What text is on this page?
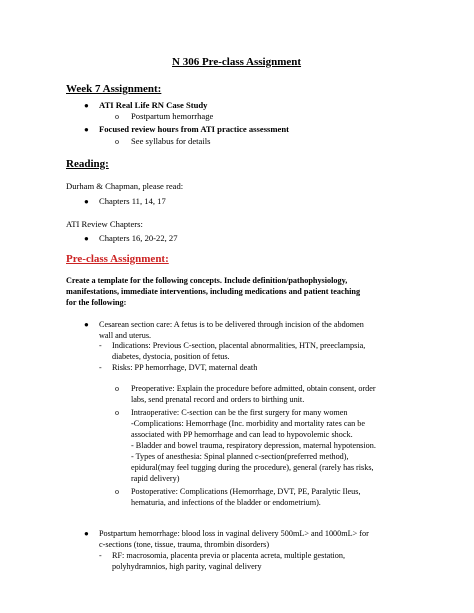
N 306 Pre-class Assignment
Week 7 Assignment:
● ATI Real Life RN Case Study
o Postpartum hemorrhage
● Focused review hours from ATI practice assessment
o See syllabus for details
Reading:
Durham & Chapman, please read:
● Chapters 11, 14, 17
ATI Review Chapters:
● Chapters 16, 20-22, 27
Pre-class Assignment:
Create a template for the following concepts. Include definition/pathophysiology,
manifestations, immediate interventions, including medications and patient teaching
for the following:
● Cesarean section care: A fetus is to be delivered through incision of the abdomen
wall and uterus.
- Indications: Previous C-section, placental abnormalities, HTN, preeclampsia,
diabetes, dystocia, position of fetus.
- Risks: PP hemorrhage, DVT, maternal death
o Preoperative: Explain the procedure before admitted, obtain consent, order
labs, send prenatal record and orders to birthing unit.
o Intraoperative: C-section can be the first surgery for many women
-Complications: Hemorrhage (Inc. morbidity and mortality rates can be
associated with PP hemorrhage and can lead to hypovolemic shock.
- Bladder and bowel trauma, respiratory depression, maternal hypotension.
- Types of anesthesia: Spinal planned c-section(preferred method),
epidural(may feel tugging during the procedure), general (rarely has risks,
rapid delivery)
o Postoperative: Complications (Hemorrhage, DVT, PE, Paralytic Ileus,
hematuria, and infections of the bladder or endometrium).
● Postpartum hemorrhage: blood loss in vaginal delivery 500mL> and 1000mL> for
c-sections (tone, tissue, trauma, thrombin disorders)
- RF: macrosomia, placenta previa or placenta acreta, multiple gestation,
polyhydramnios, high parity, vaginal delivery
